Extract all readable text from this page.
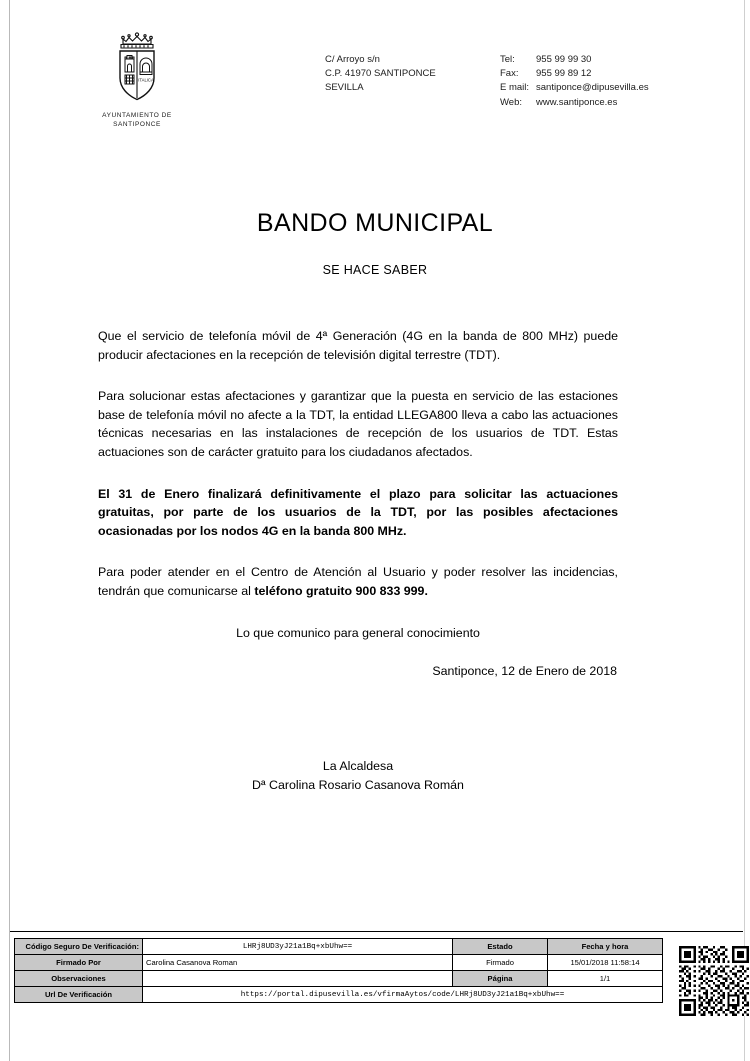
ITALICA
AYUNTAMIENTO DE
SANTIPONCE
C/ Arroyo s/n
C.P. 41970 SANTIPONCE
SEVILLA
Tel: 955 99 99 30
Fax: 955 99 89 12
E mail: santiponce@dipusevilla.es
Web: www.santiponce.es
BANDO MUNICIPAL
SE HACE SABER

Que el servicio de telefonía móvil de 4ª Generación (4G en la banda de 800 MHz) puede producir afectaciones en la recepción de televisión digital terrestre (TDT).

Para solucionar estas afectaciones y garantizar que la puesta en servicio de las estaciones base de telefonía móvil no afecte a la TDT, la entidad LLEGA800 lleva a cabo las actuaciones técnicas necesarias en las instalaciones de recepción de los usuarios de TDT. Estas actuaciones son de carácter gratuito para los ciudadanos afectados.

El 31 de Enero finalizará definitivamente el plazo para solicitar las actuaciones gratuitas, por parte de los usuarios de la TDT, por las posibles afectaciones ocasionadas por los nodos 4G en la banda 800 MHz.

Para poder atender en el Centro de Atención al Usuario y poder resolver las incidencias, tendrán que comunicarse al teléfono gratuito 900 833 999.

Lo que comunico para general conocimiento
Santiponce, 12 de Enero de 2018
La Alcaldesa
Dª Carolina Rosario Casanova Román
Código Seguro De Verificación:	LHRj8UD3yJ21a1Bq+xbUhw==	Estado	Fecha y hora
Firmado Por	Carolina Casanova Roman	Firmado	15/01/2018 11:58:14
Observaciones		Página	1/1
Url De Verificación	https://portal.dipusevilla.es/vfirmaAytos/code/LHRj8UD3yJ21a1Bq+xbUhw==		
